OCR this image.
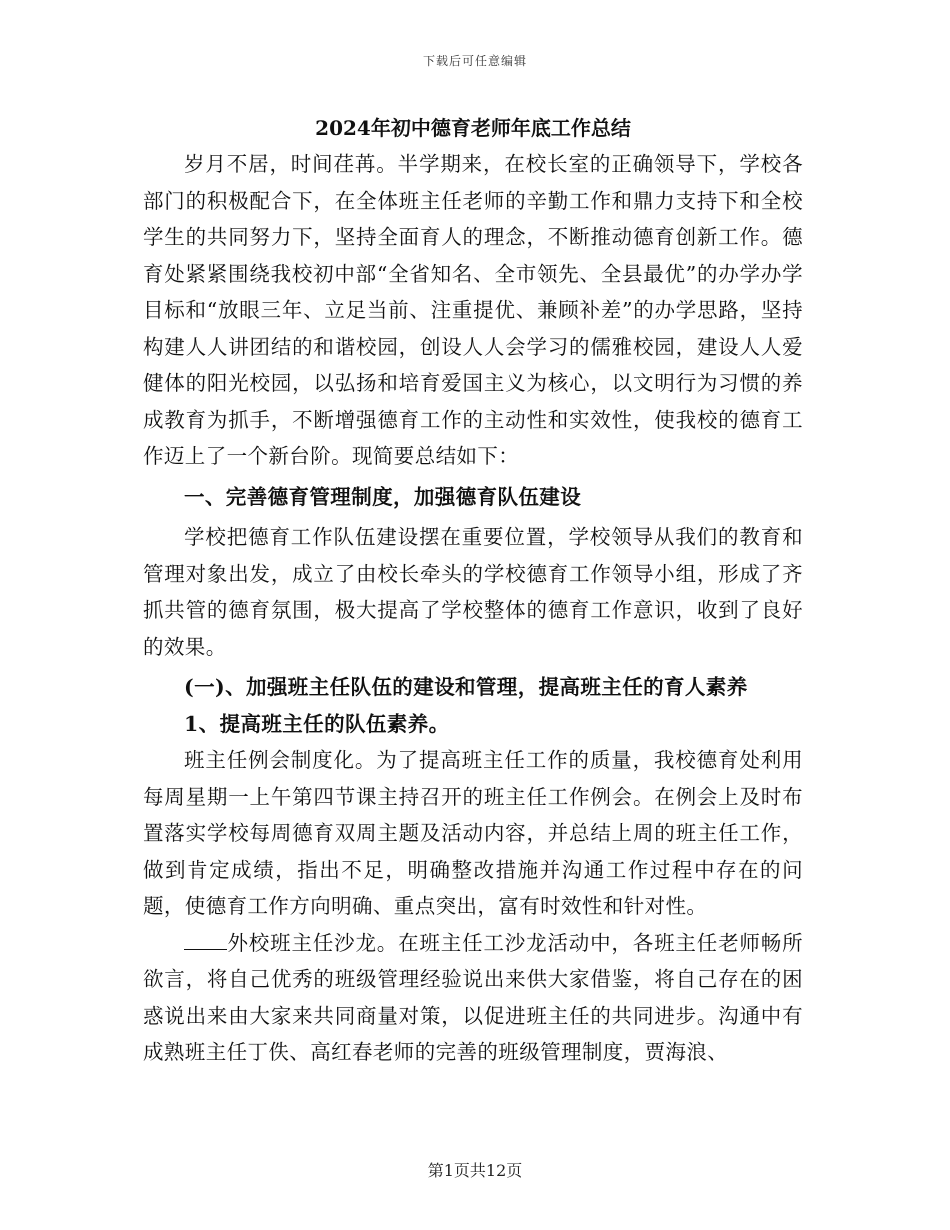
下载后可任意编辑
2024年初中德育老师年底工作总结

岁月不居，时间荏苒。半学期来，在校长室的正确领导下，学校各部门的积极配合下，在全体班主任老师的辛勤工作和鼎力支持下和全校学生的共同努力下，坚持全面育人的理念，不断推动德育创新工作。德育处紧紧围绕我校初中部“全省知名、全市领先、全县最优”的办学办学目标和“放眼三年、立足当前、注重提优、兼顾补差”的办学思路，坚持构建人人讲团结的和谐校园，创设人人会学习的儒雅校园，建设人人爱健体的阳光校园，以弘扬和培育爱国主义为核心，以文明行为习惯的养成教育为抓手，不断增强德育工作的主动性和实效性，使我校的德育工作迈上了一个新台阶。现简要总结如下：

一、完善德育管理制度，加强德育队伍建设

学校把德育工作队伍建设摆在重要位置，学校领导从我们的教育和管理对象出发，成立了由校长牵头的学校德育工作领导小组，形成了齐抓共管的德育氛围，极大提高了学校整体的德育工作意识，收到了良好的效果。

(一)、加强班主任队伍的建设和管理，提高班主任的育人素养

1、提高班主任的队伍素养。

班主任例会制度化。为了提高班主任工作的质量，我校德育处利用每周星期一上午第四节课主持召开的班主任工作例会。在例会上及时布置落实学校每周德育双周主题及活动内容，并总结上周的班主任工作，做到肯定成绩，指出不足，明确整改措施并沟通工作过程中存在的问题，使德育工作方向明确、重点突出，富有时效性和针对性。

外校班主任沙龙。在班主任工沙龙活动中，各班主任老师畅所欲言，将自己优秀的班级管理经验说出来供大家借鉴，将自己存在的困惑说出来由大家来共同商量对策，以促进班主任的共同进步。沟通中有成熟班主任丁佚、高红春老师的完善的班级管理制度，贾海浪、

第1页共12页
